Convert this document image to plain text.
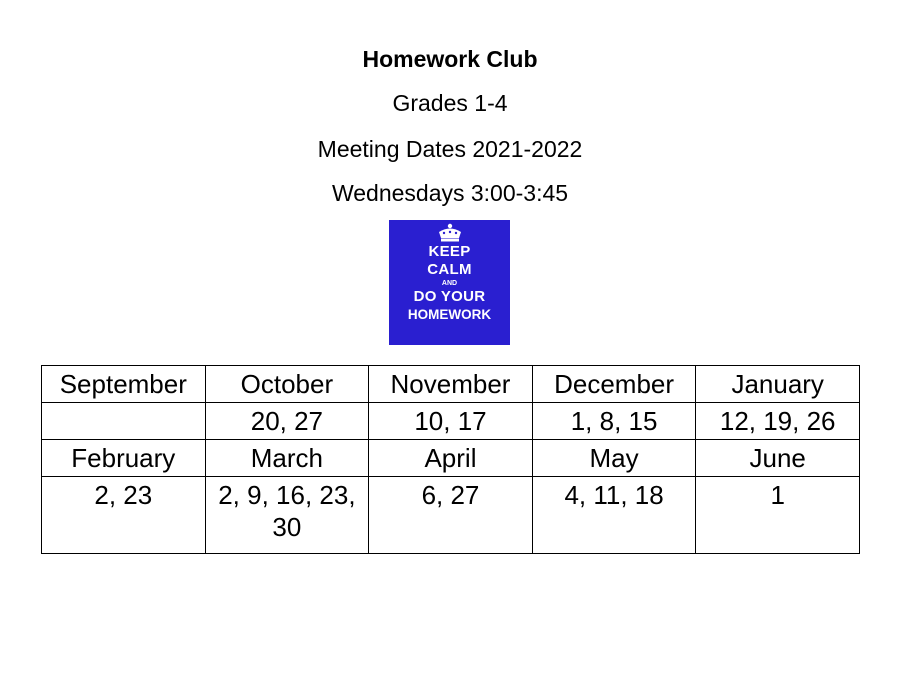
Homework Club
Grades 1-4
Meeting Dates 2021-2022
Wednesdays 3:00-3:45
KEEP
CALM
AND
DO YOUR
HOMEWORK
September	October	November	December	January
	20, 27	10, 17	1, 8, 15	12, 19, 26
February	March	April	May	June
2, 23	2, 9, 16, 23, 30	6, 27	4, 11, 18	1
